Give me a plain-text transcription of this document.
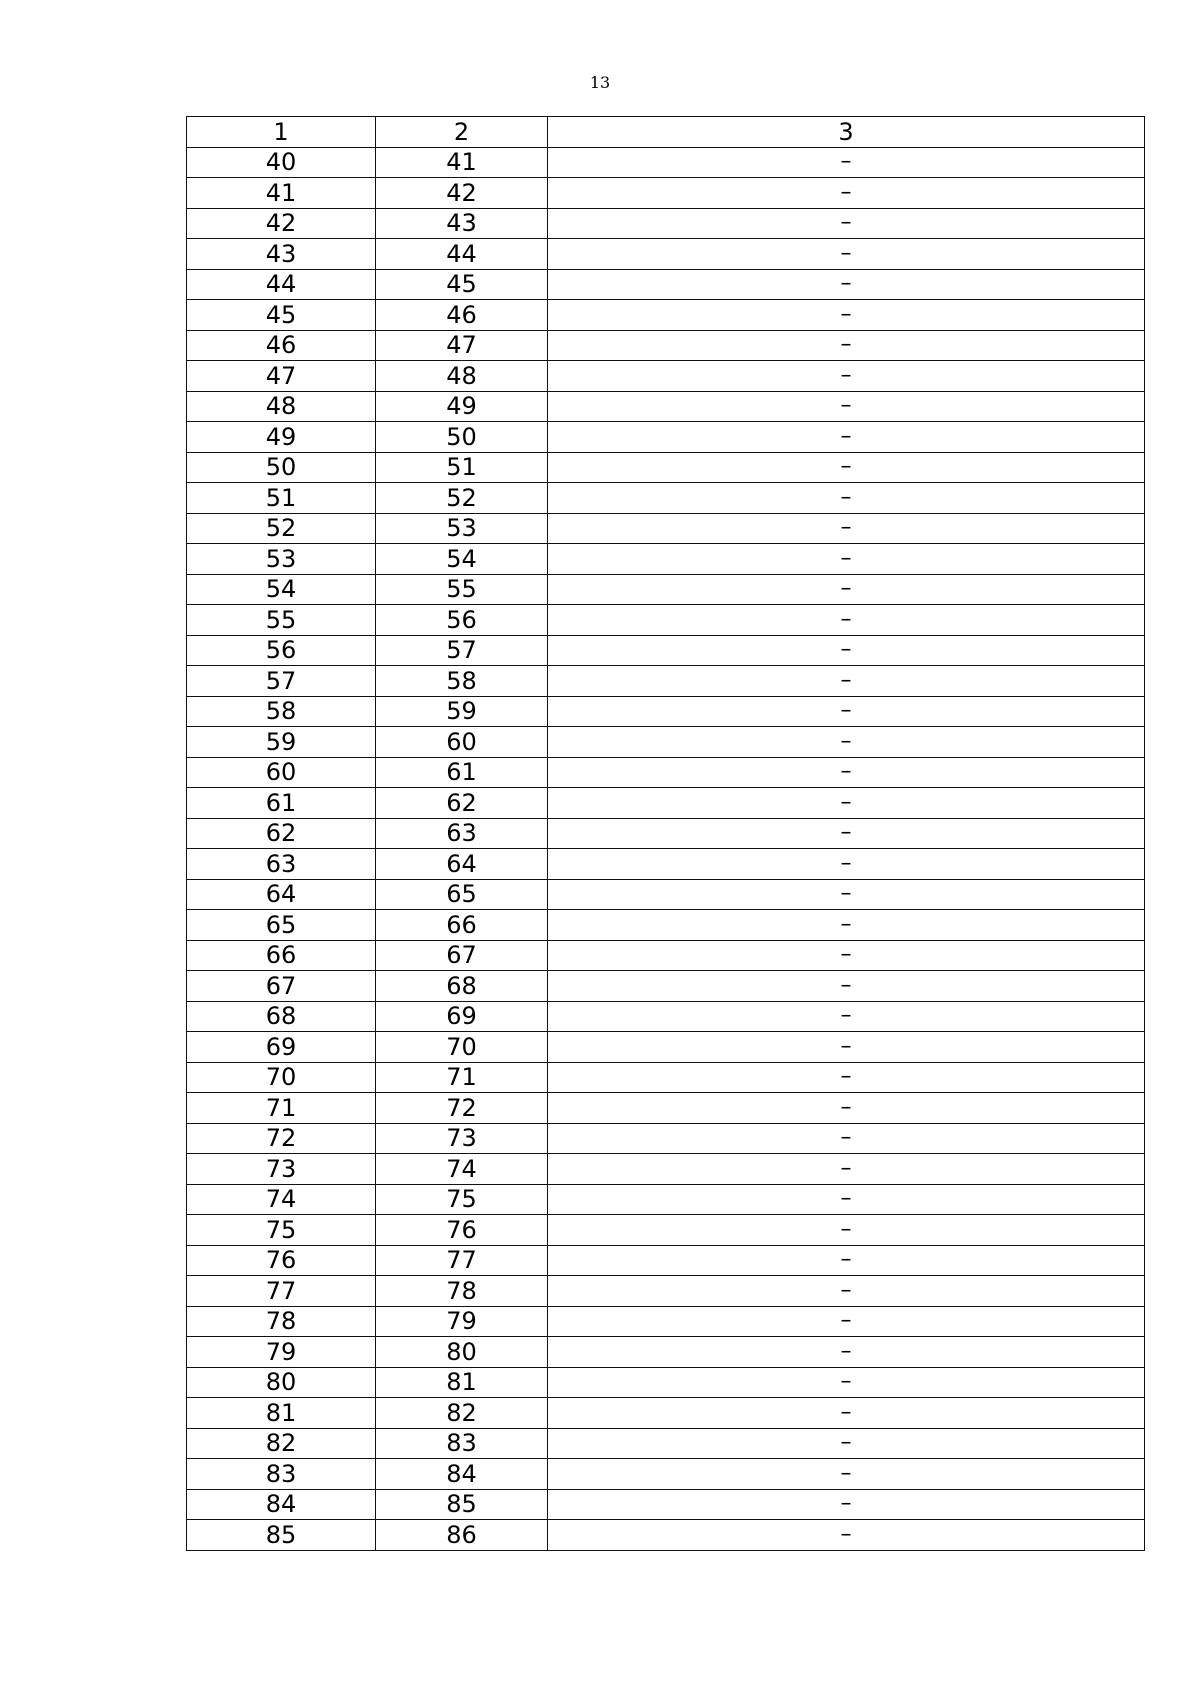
13
1	2	3
40	41	–
41	42	–
42	43	–
43	44	–
44	45	–
45	46	–
46	47	–
47	48	–
48	49	–
49	50	–
50	51	–
51	52	–
52	53	–
53	54	–
54	55	–
55	56	–
56	57	–
57	58	–
58	59	–
59	60	–
60	61	–
61	62	–
62	63	–
63	64	–
64	65	–
65	66	–
66	67	–
67	68	–
68	69	–
69	70	–
70	71	–
71	72	–
72	73	–
73	74	–
74	75	–
75	76	–
76	77	–
77	78	–
78	79	–
79	80	–
80	81	–
81	82	–
82	83	–
83	84	–
84	85	–
85	86	–
